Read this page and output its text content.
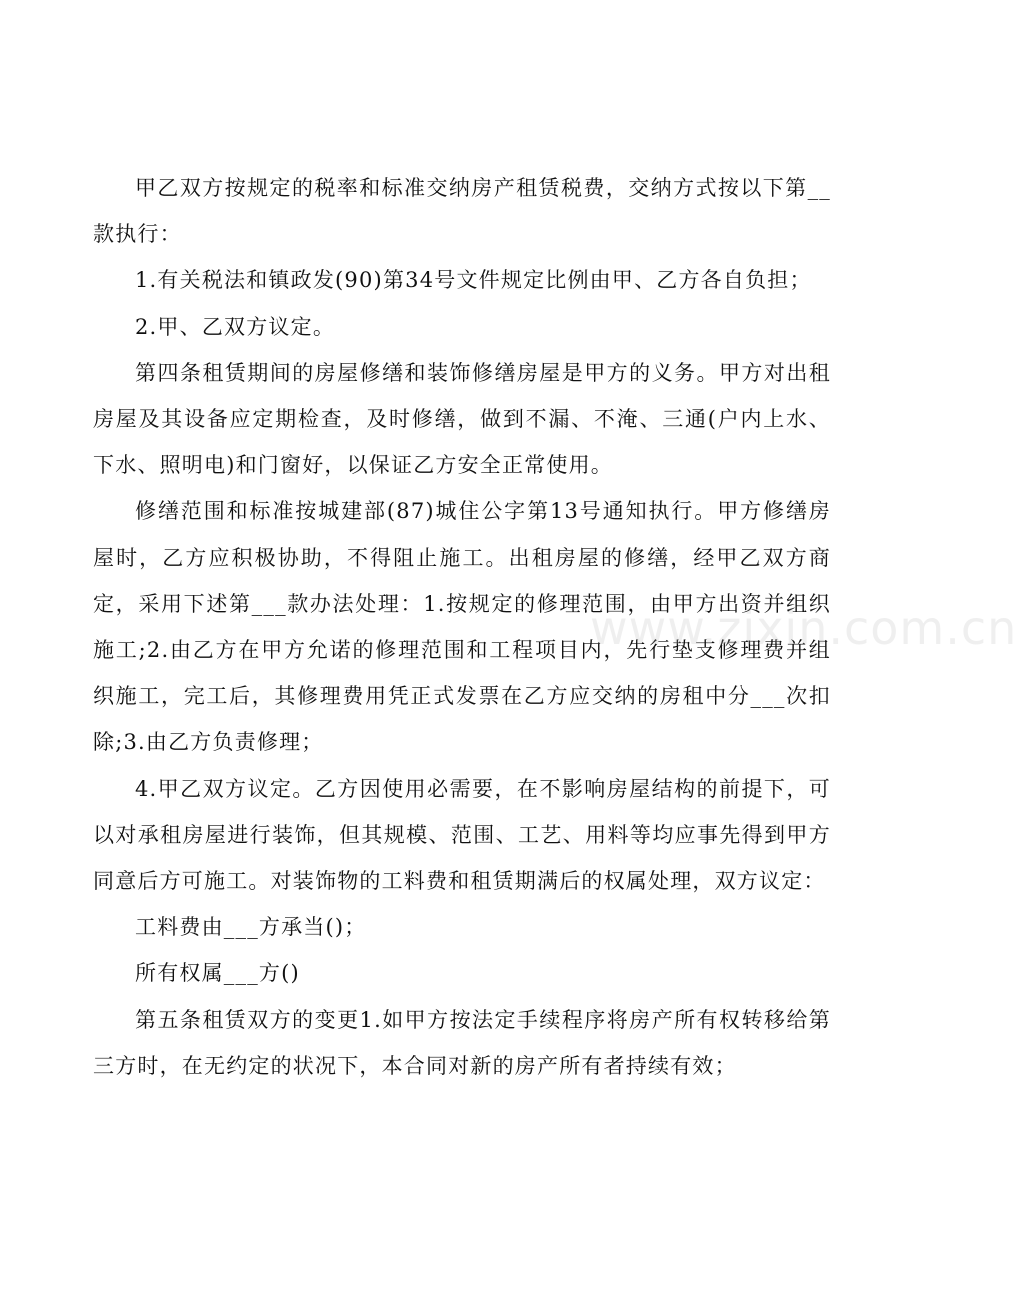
甲乙双方按规定的税率和标准交纳房产租赁税费，交纳方式按以下第__款执行：

1.有关税法和镇政发(90)第34号文件规定比例由甲、乙方各自负担；

2.甲、乙双方议定。

第四条租赁期间的房屋修缮和装饰修缮房屋是甲方的义务。甲方对出租房屋及其设备应定期检查，及时修缮，做到不漏、不淹、三通(户内上水、下水、照明电)和门窗好，以保证乙方安全正常使用。

修缮范围和标准按城建部(87)城住公字第13号通知执行。甲方修缮房屋时，乙方应积极协助，不得阻止施工。出租房屋的修缮，经甲乙双方商定，采用下述第___款办法处理：1.按规定的修理范围，由甲方出资并组织施工;2.由乙方在甲方允诺的修理范围和工程项目内，先行垫支修理费并组织施工，完工后，其修理费用凭正式发票在乙方应交纳的房租中分___次扣除;3.由乙方负责修理；

4.甲乙双方议定。乙方因使用必需要，在不影响房屋结构的前提下，可以对承租房屋进行装饰，但其规模、范围、工艺、用料等均应事先得到甲方同意后方可施工。对装饰物的工料费和租赁期满后的权属处理，双方议定：

工料费由___方承当()；

所有权属___方()

第五条租赁双方的变更1.如甲方按法定手续程序将房产所有权转移给第三方时，在无约定的状况下，本合同对新的房产所有者持续有效；

www.zixin.com.cn
